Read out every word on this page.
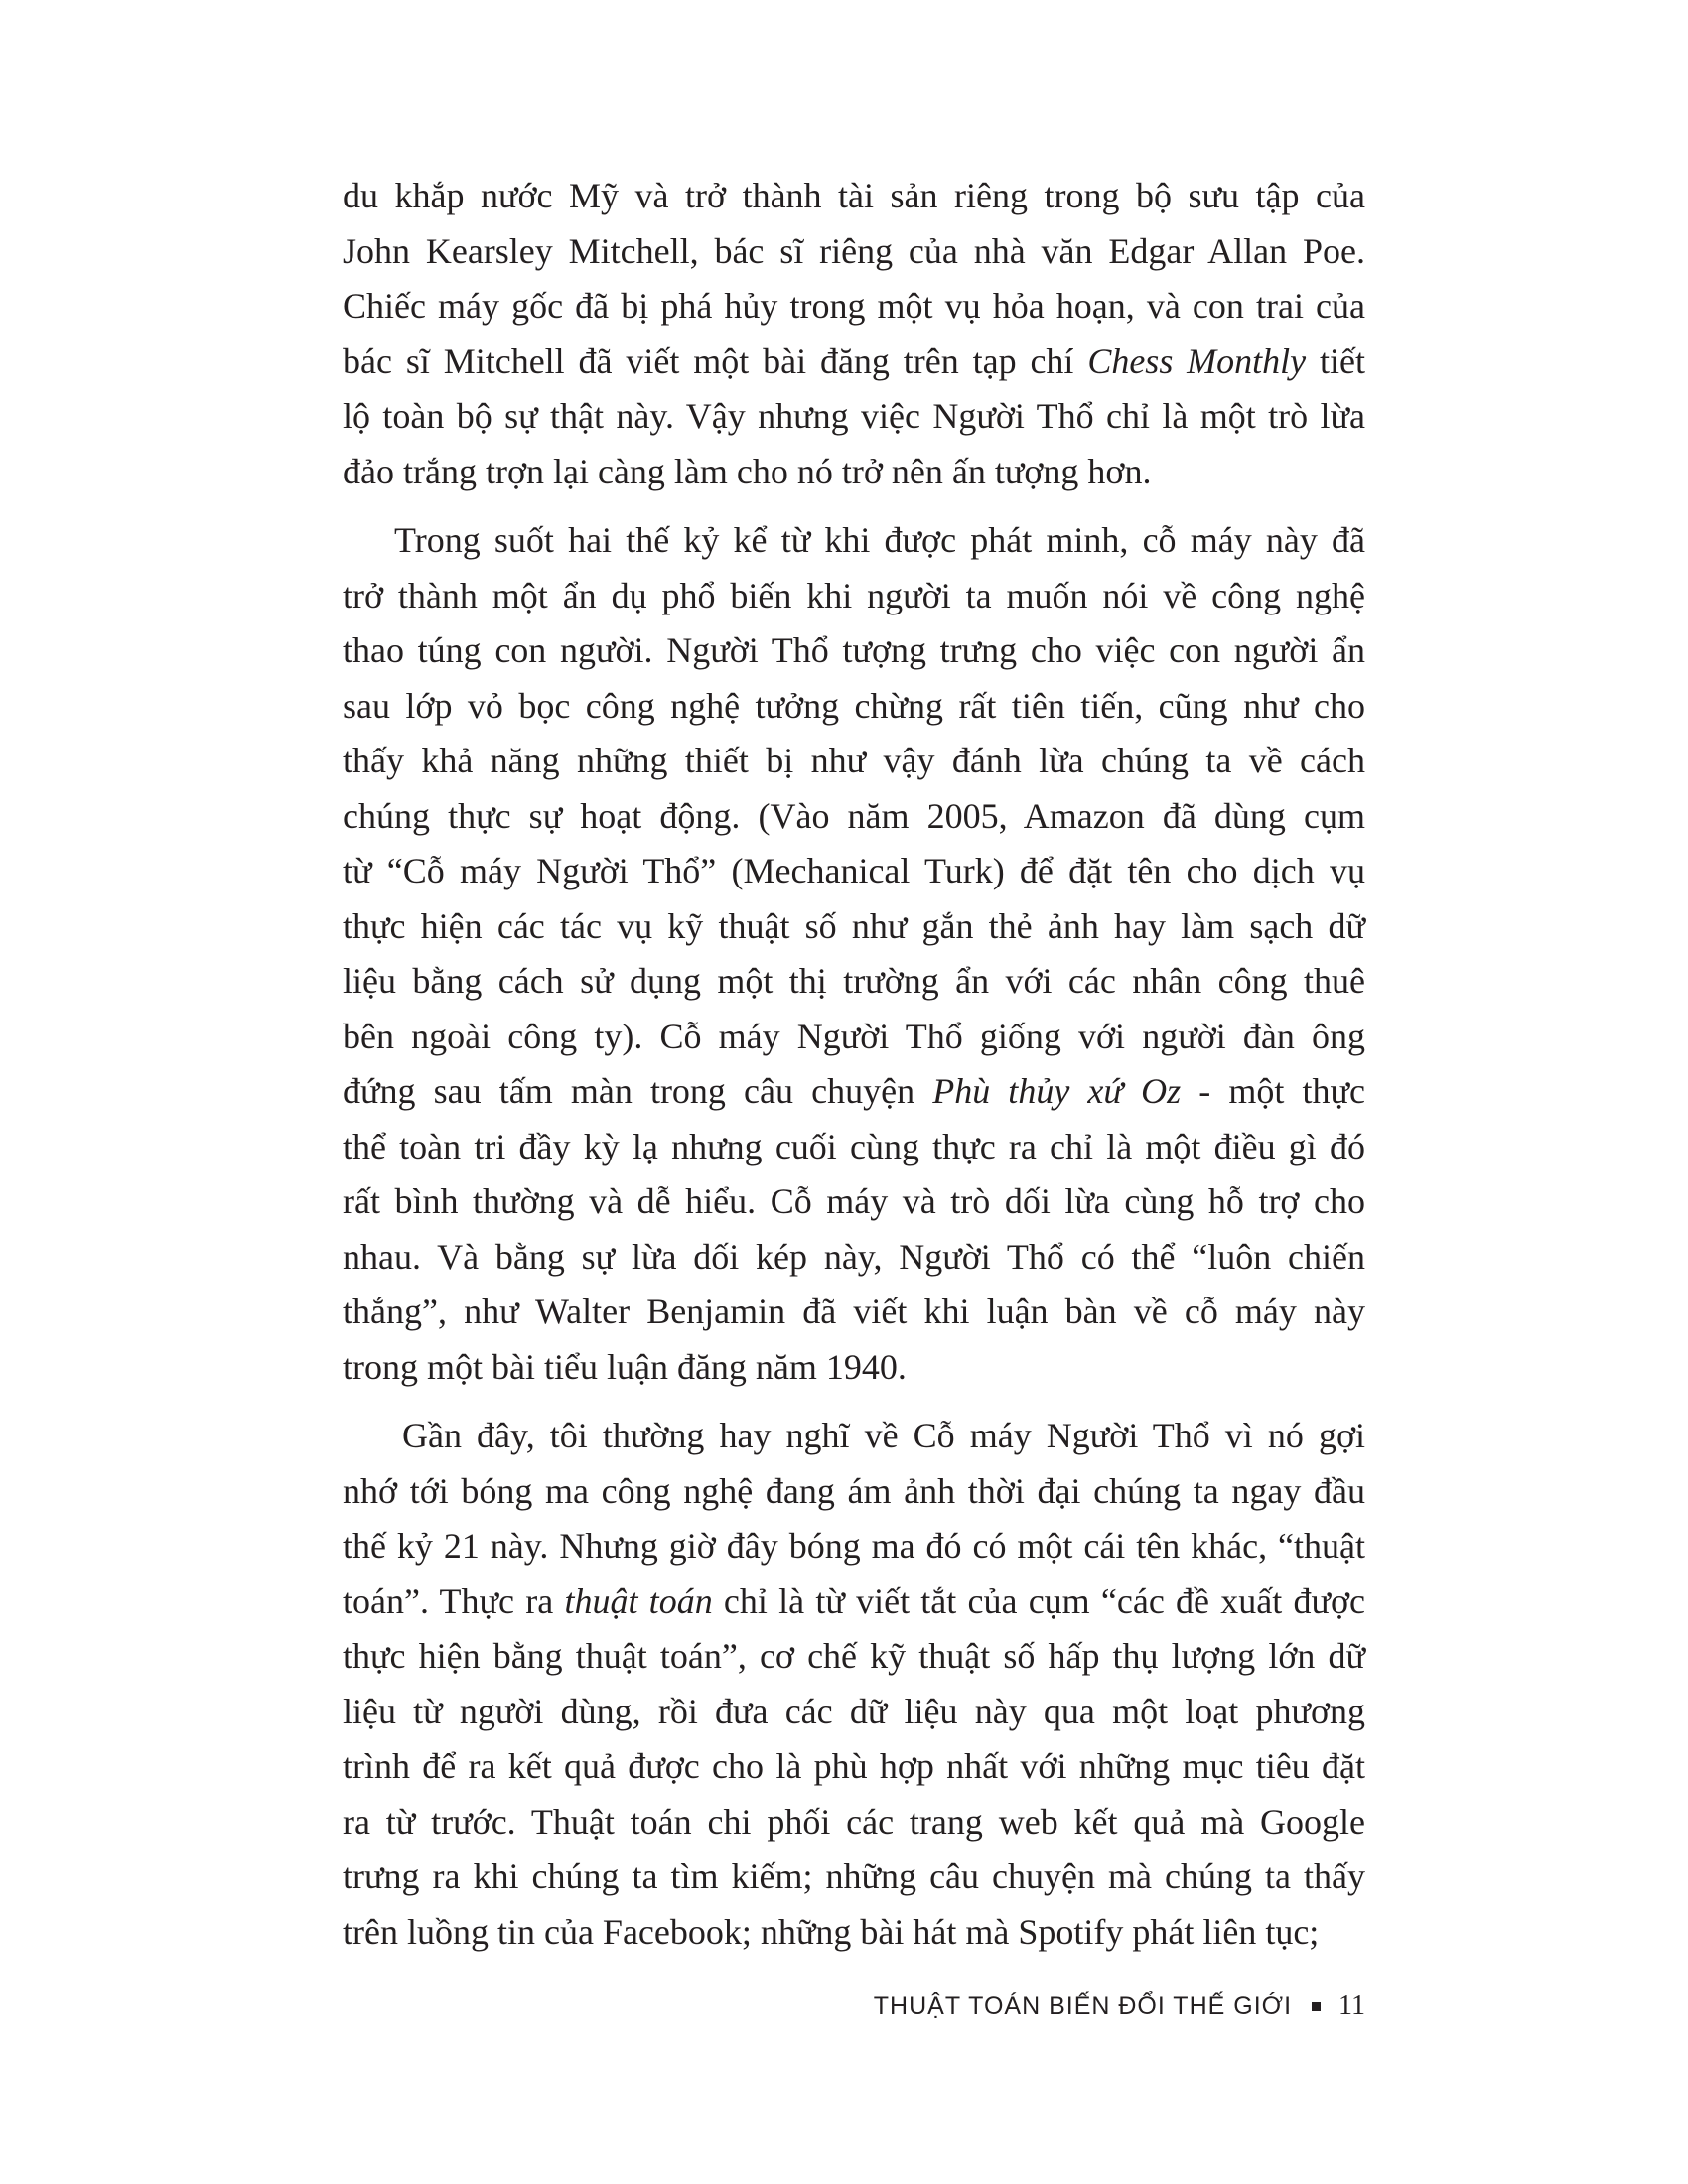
du khắp nước Mỹ và trở thành tài sản riêng trong bộ sưu tập của
John Kearsley Mitchell, bác sĩ riêng của nhà văn Edgar Allan Poe.
Chiếc máy gốc đã bị phá hủy trong một vụ hỏa hoạn, và con trai của
bác sĩ Mitchell đã viết một bài đăng trên tạp chí Chess Monthly tiết
lộ toàn bộ sự thật này. Vậy nhưng việc Người Thổ chỉ là một trò lừa
đảo trắng trợn lại càng làm cho nó trở nên ấn tượng hơn.
Trong suốt hai thế kỷ kể từ khi được phát minh, cỗ máy này đã
trở thành một ẩn dụ phổ biến khi người ta muốn nói về công nghệ
thao túng con người. Người Thổ tượng trưng cho việc con người ẩn
sau lớp vỏ bọc công nghệ tưởng chừng rất tiên tiến, cũng như cho
thấy khả năng những thiết bị như vậy đánh lừa chúng ta về cách
chúng thực sự hoạt động. (Vào năm 2005, Amazon đã dùng cụm
từ “Cỗ máy Người Thổ” (Mechanical Turk) để đặt tên cho dịch vụ
thực hiện các tác vụ kỹ thuật số như gắn thẻ ảnh hay làm sạch dữ
liệu bằng cách sử dụng một thị trường ẩn với các nhân công thuê
bên ngoài công ty). Cỗ máy Người Thổ giống với người đàn ông
đứng sau tấm màn trong câu chuyện Phù thủy xứ Oz - một thực
thể toàn tri đầy kỳ lạ nhưng cuối cùng thực ra chỉ là một điều gì đó
rất bình thường và dễ hiểu. Cỗ máy và trò dối lừa cùng hỗ trợ cho
nhau. Và bằng sự lừa dối kép này, Người Thổ có thể “luôn chiến
thắng”, như Walter Benjamin đã viết khi luận bàn về cỗ máy này
trong một bài tiểu luận đăng năm 1940.
Gần đây, tôi thường hay nghĩ về Cỗ máy Người Thổ vì nó gợi
nhớ tới bóng ma công nghệ đang ám ảnh thời đại chúng ta ngay đầu
thế kỷ 21 này. Nhưng giờ đây bóng ma đó có một cái tên khác, “thuật
toán”. Thực ra thuật toán chỉ là từ viết tắt của cụm “các đề xuất được
thực hiện bằng thuật toán”, cơ chế kỹ thuật số hấp thụ lượng lớn dữ
liệu từ người dùng, rồi đưa các dữ liệu này qua một loạt phương
trình để ra kết quả được cho là phù hợp nhất với những mục tiêu đặt
ra từ trước. Thuật toán chi phối các trang web kết quả mà Google
trưng ra khi chúng ta tìm kiếm; những câu chuyện mà chúng ta thấy
trên luồng tin của Facebook; những bài hát mà Spotify phát liên tục;
THUẬT TOÁN BIẾN ĐỔI THẾ GIỚI 11
